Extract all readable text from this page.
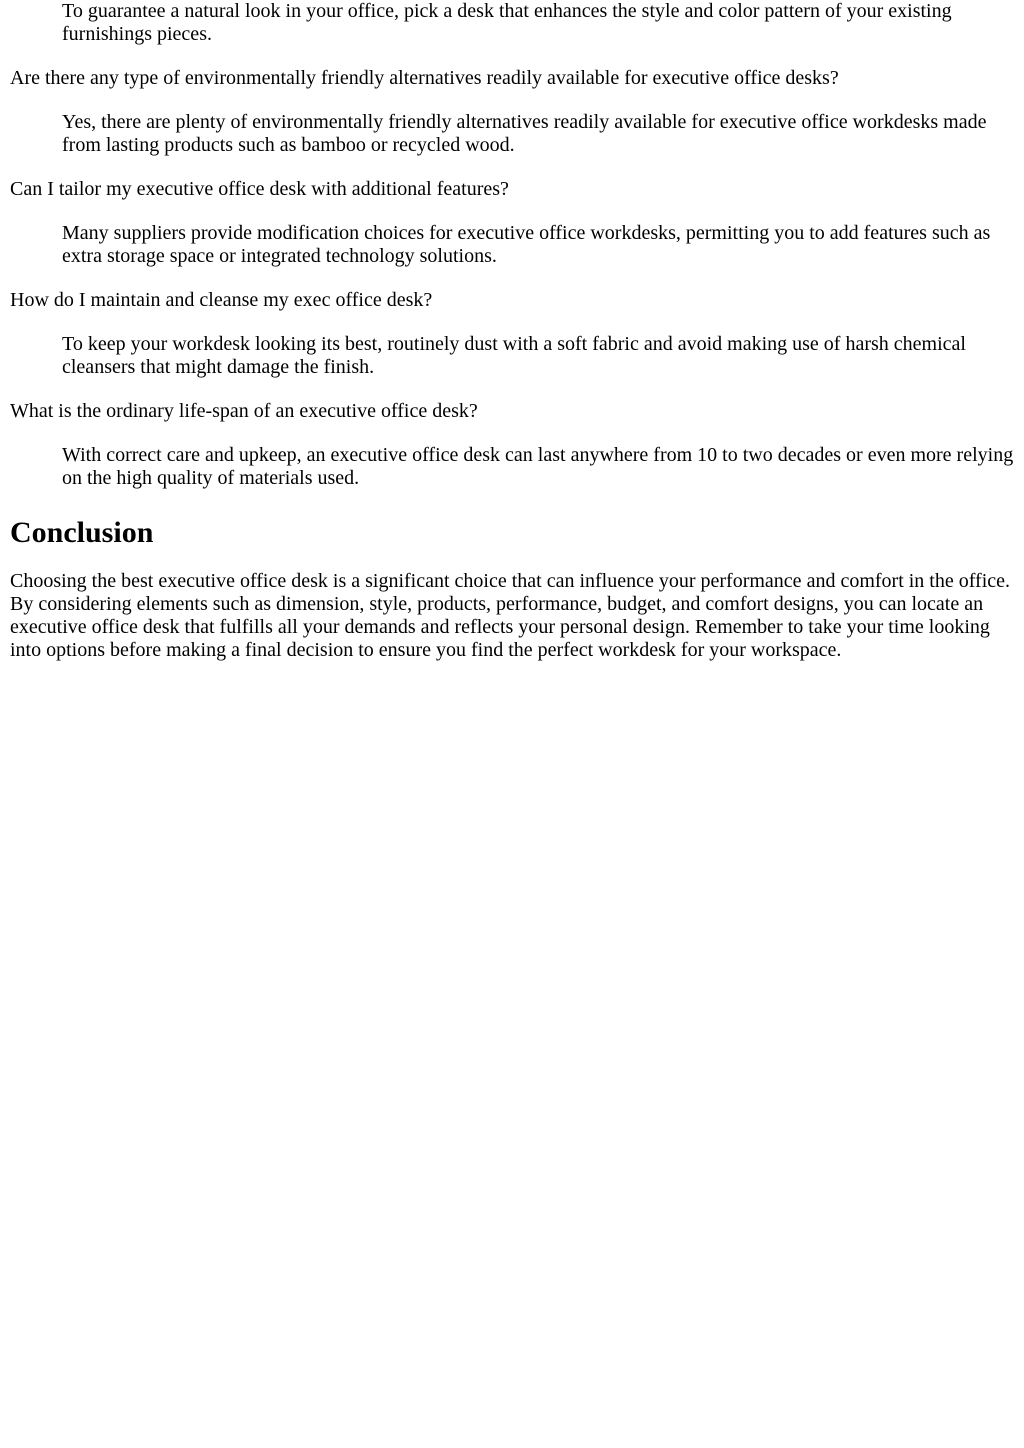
To guarantee a natural look in your office, pick a desk that enhances the style and color pattern of your existing furnishings pieces.
Are there any type of environmentally friendly alternatives readily available for executive office desks?
Yes, there are plenty of environmentally friendly alternatives readily available for executive office workdesks made from lasting products such as bamboo or recycled wood.
Can I tailor my executive office desk with additional features?
Many suppliers provide modification choices for executive office workdesks, permitting you to add features such as extra storage space or integrated technology solutions.
How do I maintain and cleanse my exec office desk?
To keep your workdesk looking its best, routinely dust with a soft fabric and avoid making use of harsh chemical cleansers that might damage the finish.
What is the ordinary life-span of an executive office desk?
With correct care and upkeep, an executive office desk can last anywhere from 10 to two decades or even more relying on the high quality of materials used.
Conclusion

Choosing the best executive office desk is a significant choice that can influence your performance and comfort in the office. By considering elements such as dimension, style, products, performance, budget, and comfort designs, you can locate an executive office desk that fulfills all your demands and reflects your personal design. Remember to take your time looking into options before making a final decision to ensure you find the perfect workdesk for your workspace.
